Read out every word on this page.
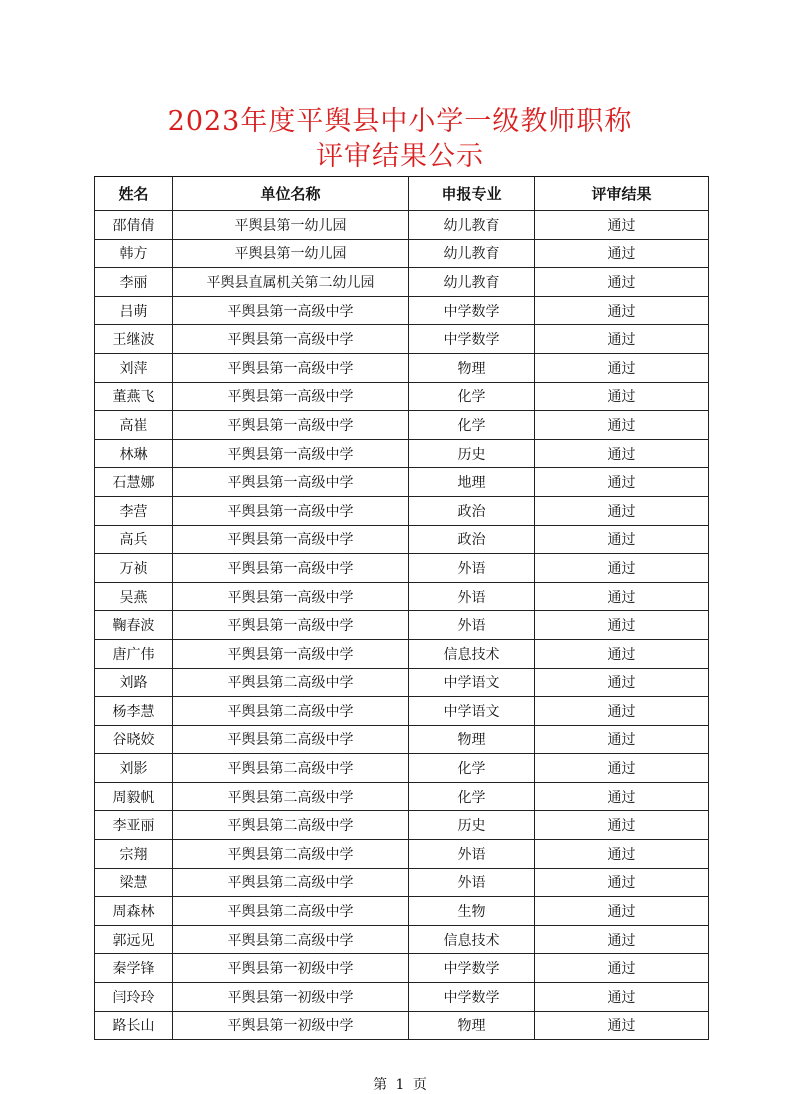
2023年度平舆县中小学一级教师职称
评审结果公示
姓名	单位名称	申报专业	评审结果
邵倩倩	平舆县第一幼儿园	幼儿教育	通过
韩方	平舆县第一幼儿园	幼儿教育	通过
李丽	平舆县直属机关第二幼儿园	幼儿教育	通过
吕萌	平舆县第一高级中学	中学数学	通过
王继波	平舆县第一高级中学	中学数学	通过
刘萍	平舆县第一高级中学	物理	通过
董燕飞	平舆县第一高级中学	化学	通过
高崔	平舆县第一高级中学	化学	通过
林琳	平舆县第一高级中学	历史	通过
石慧娜	平舆县第一高级中学	地理	通过
李营	平舆县第一高级中学	政治	通过
高兵	平舆县第一高级中学	政治	通过
万祯	平舆县第一高级中学	外语	通过
吴燕	平舆县第一高级中学	外语	通过
鞠春波	平舆县第一高级中学	外语	通过
唐广伟	平舆县第一高级中学	信息技术	通过
刘路	平舆县第二高级中学	中学语文	通过
杨李慧	平舆县第二高级中学	中学语文	通过
谷晓姣	平舆县第二高级中学	物理	通过
刘影	平舆县第二高级中学	化学	通过
周毅帆	平舆县第二高级中学	化学	通过
李亚丽	平舆县第二高级中学	历史	通过
宗翔	平舆县第二高级中学	外语	通过
梁慧	平舆县第二高级中学	外语	通过
周森林	平舆县第二高级中学	生物	通过
郭远见	平舆县第二高级中学	信息技术	通过
秦学锋	平舆县第一初级中学	中学数学	通过
闫玲玲	平舆县第一初级中学	中学数学	通过
路长山	平舆县第一初级中学	物理	通过
第 1 页
